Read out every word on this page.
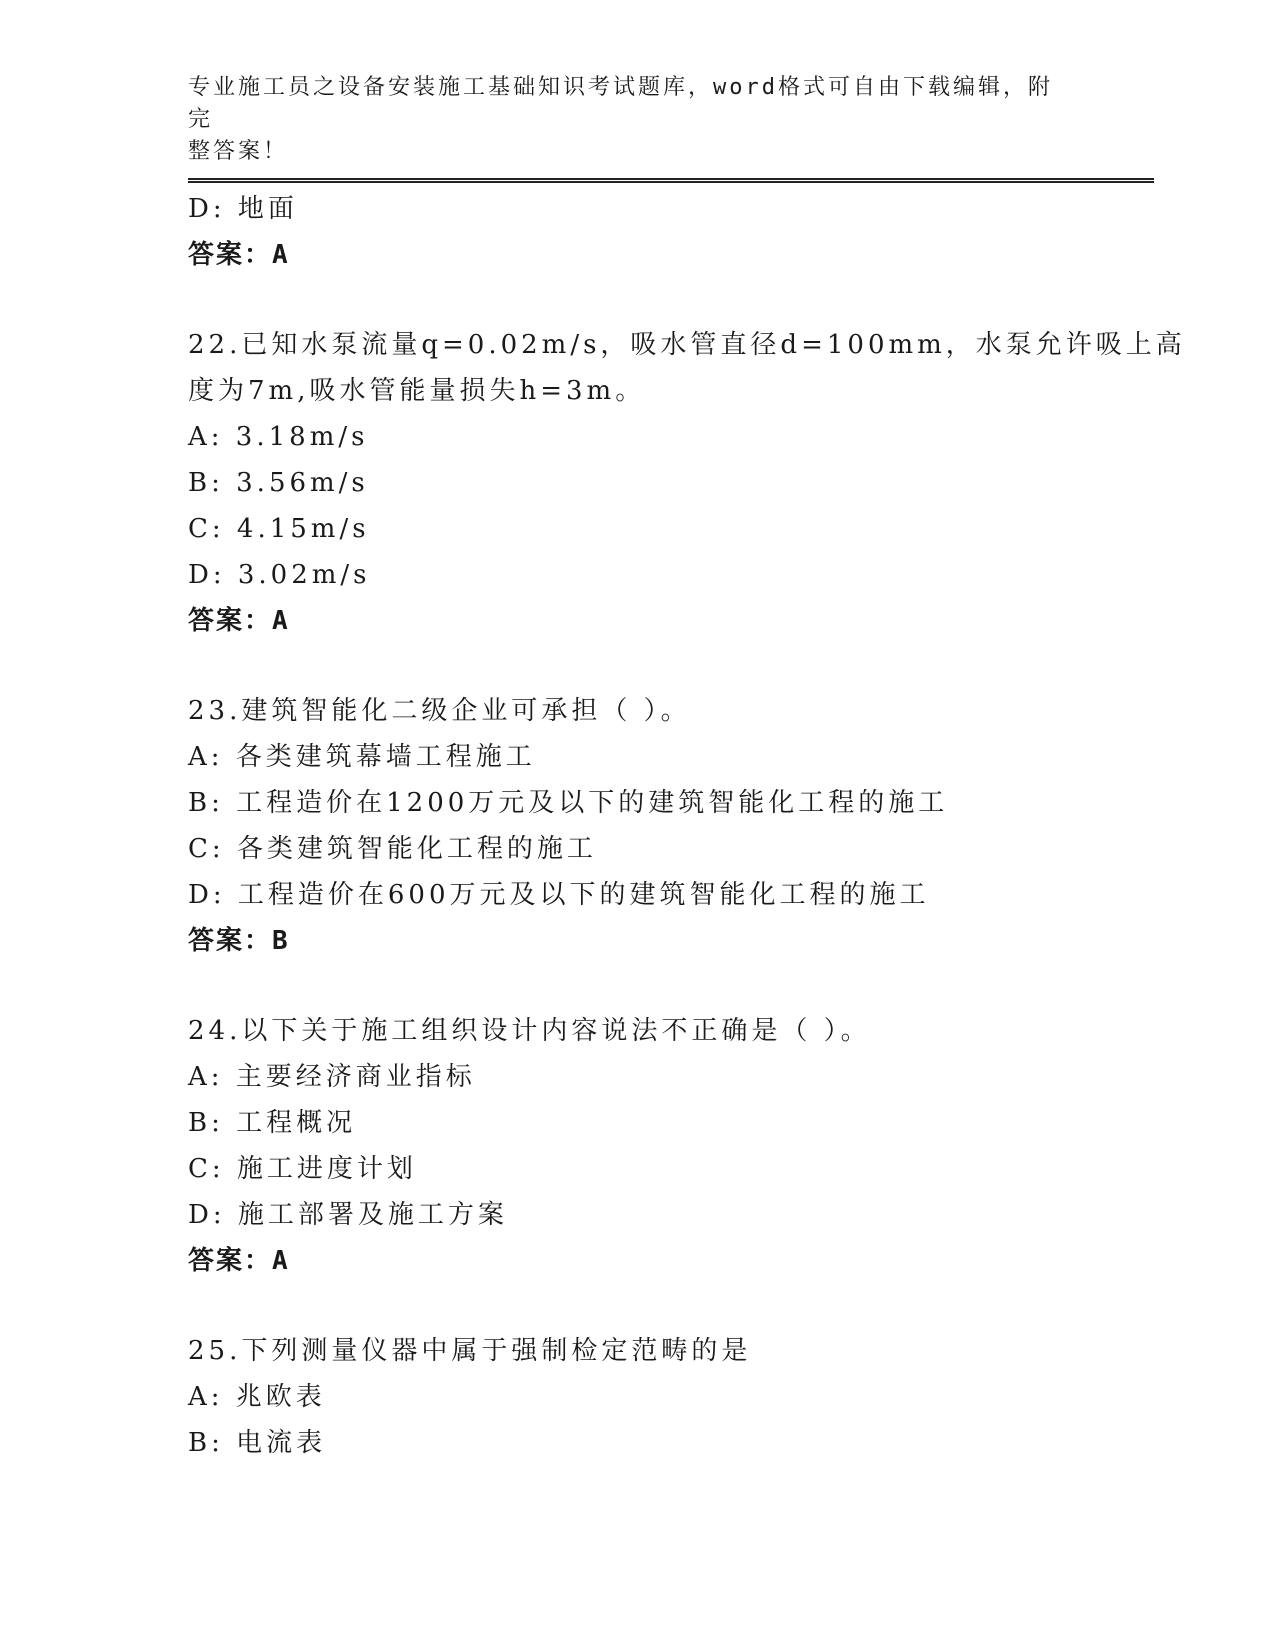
专业施工员之设备安装施工基础知识考试题库，word格式可自由下载编辑，附完
整答案！
D: 地面
答案：A
22.已知水泵流量q=0.02m/s，吸水管直径d=100mm，水泵允许吸上高
度为7m,吸水管能量损失h=3m。
A: 3.18m/s
B: 3.56m/s
C: 4.15m/s
D: 3.02m/s
答案：A
23.建筑智能化二级企业可承担（ ）。
A: 各类建筑幕墙工程施工
B: 工程造价在1200万元及以下的建筑智能化工程的施工
C: 各类建筑智能化工程的施工
D: 工程造价在600万元及以下的建筑智能化工程的施工
答案：B
24.以下关于施工组织设计内容说法不正确是（ ）。
A: 主要经济商业指标
B: 工程概况
C: 施工进度计划
D: 施工部署及施工方案
答案：A
25.下列测量仪器中属于强制检定范畴的是
A: 兆欧表
B: 电流表
